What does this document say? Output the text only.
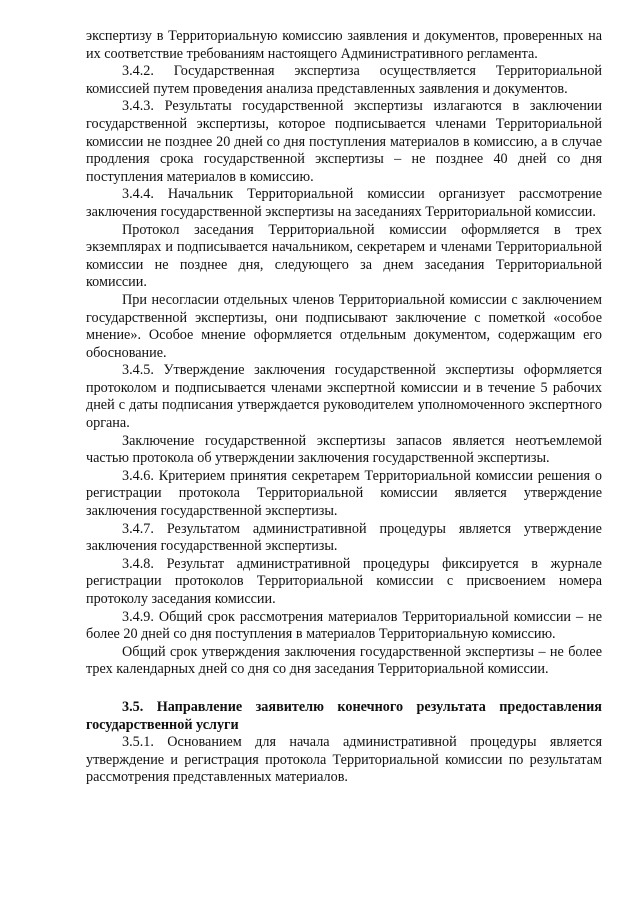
экспертизу в Территориальную комиссию заявления и документов, проверенных на их соответствие требованиям настоящего Административного регламента.

3.4.2. Государственная экспертиза осуществляется Территориальной комиссией путем проведения анализа представленных заявления и документов.

3.4.3. Результаты государственной экспертизы излагаются в заключении государственной экспертизы, которое подписывается членами Территориальной комиссии не позднее 20 дней со дня поступления материалов в комиссию, а в случае продления срока государственной экспертизы – не позднее 40 дней со дня поступления материалов в комиссию.

3.4.4. Начальник Территориальной комиссии организует рассмотрение заключения государственной экспертизы на заседаниях Территориальной комиссии.

Протокол заседания Территориальной комиссии оформляется в трех экземплярах и подписывается начальником, секретарем и членами Территориальной комиссии не позднее дня, следующего за днем заседания Территориальной комиссии.

При несогласии отдельных членов Территориальной комиссии с заключением государственной экспертизы, они подписывают заключение с пометкой «особое мнение». Особое мнение оформляется отдельным документом, содержащим его обоснование.

3.4.5. Утверждение заключения государственной экспертизы оформляется протоколом и подписывается членами экспертной комиссии и в течение 5 рабочих дней с даты подписания утверждается руководителем уполномоченного экспертного органа.

Заключение государственной экспертизы запасов является неотъемлемой частью протокола об утверждении заключения государственной экспертизы.

3.4.6. Критерием принятия секретарем Территориальной комиссии решения о регистрации протокола Территориальной комиссии является утверждение заключения государственной экспертизы.

3.4.7. Результатом административной процедуры является утверждение заключения государственной экспертизы.

3.4.8. Результат административной процедуры фиксируется в журнале регистрации протоколов Территориальной комиссии с присвоением номера протоколу заседания комиссии.

3.4.9. Общий срок рассмотрения материалов Территориальной комиссии – не более 20 дней со дня поступления в материалов Территориальную комиссию.

Общий срок утверждения заключения государственной экспертизы – не более трех календарных дней со дня со дня заседания Территориальной комиссии.

3.5. Направление заявителю конечного результата предоставления государственной услуги

3.5.1. Основанием для начала административной процедуры является утверждение и регистрация протокола Территориальной комиссии по результатам рассмотрения представленных материалов.
